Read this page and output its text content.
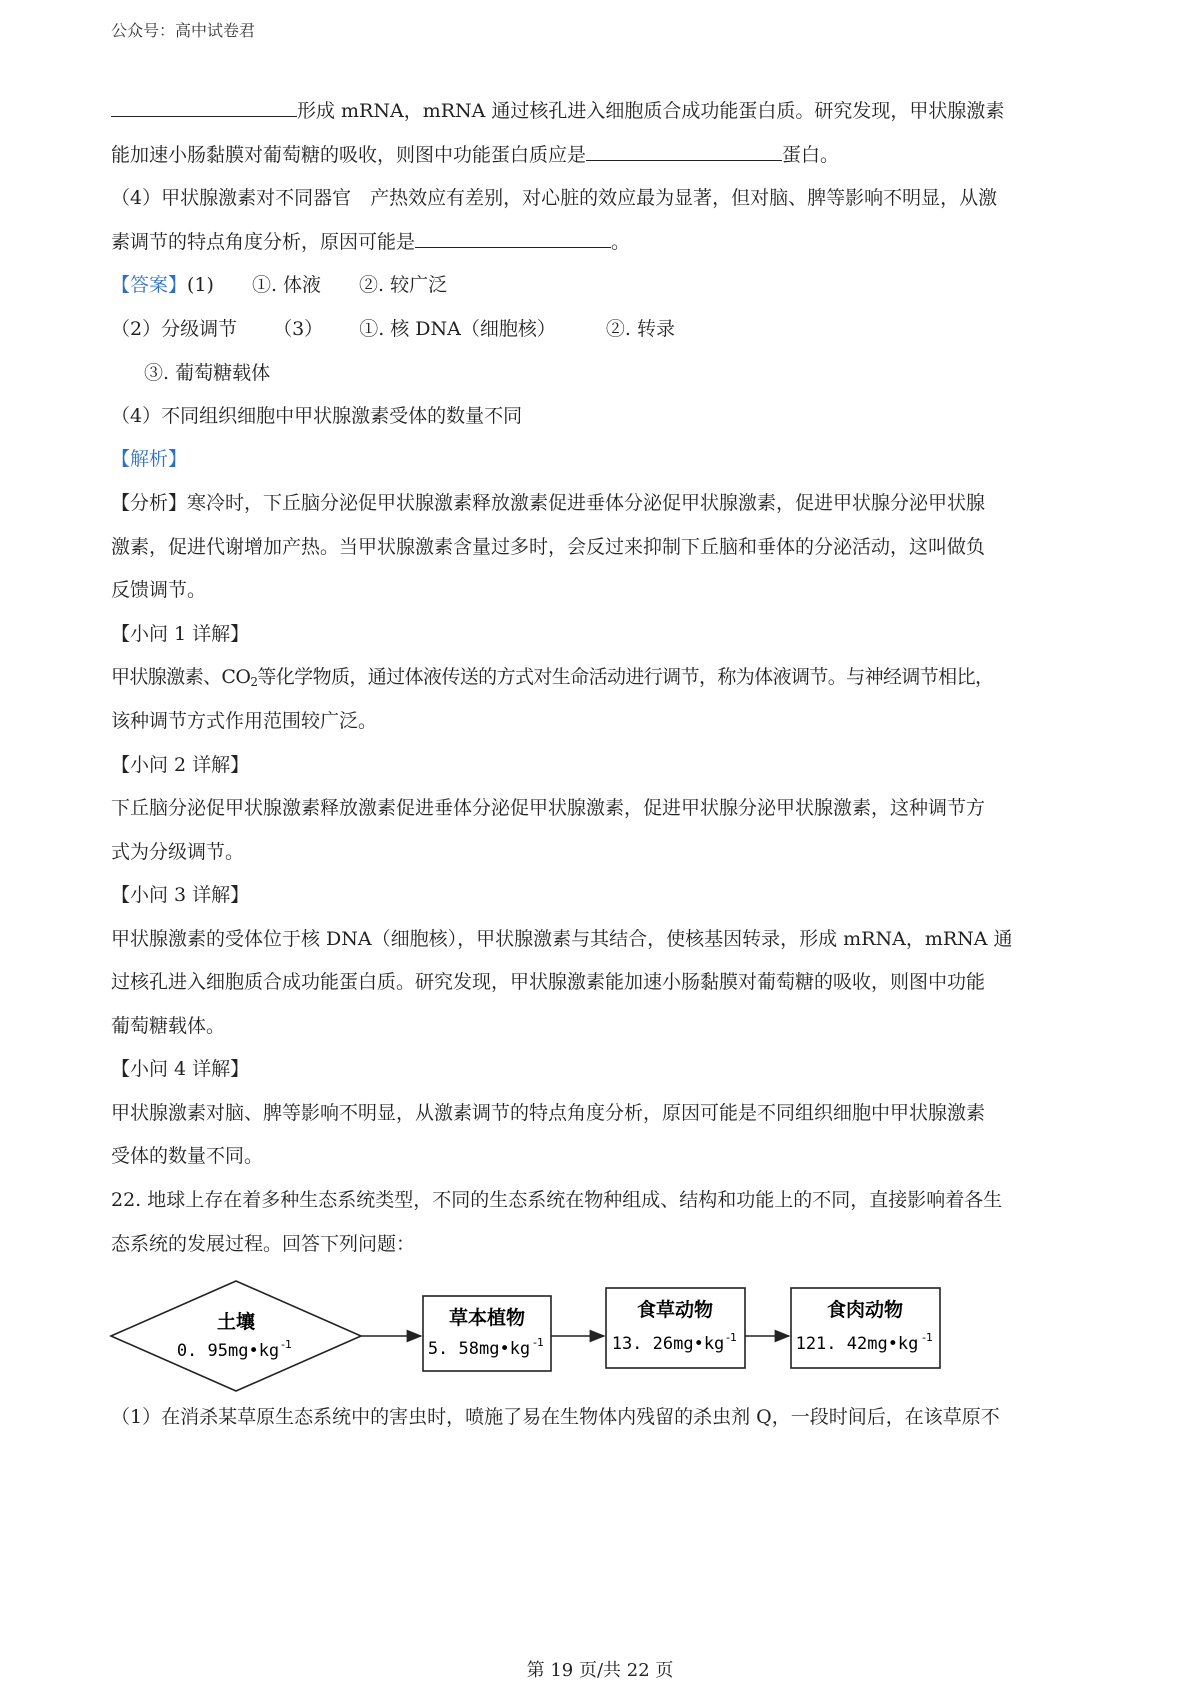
公众号：高中试卷君
形成 mRNA，mRNA 通过核孔进入细胞质合成功能蛋白质。研究发现，甲状腺激素
能加速小肠黏膜对葡萄糖的吸收，则图中功能蛋白质应是	蛋白。
（4）甲状腺激素对不同器官　产热效应有差别，对心脏的效应最为显著，但对脑、脾等影响不明显，从激
素调节的特点角度分析，原因可能是	。
【答案】(1) ①. 体液 ②. 较广泛
（2）分级调节 （3） ①. 核 DNA（细胞核）	②. 转录
③. 葡萄糖载体
（4）不同组织细胞中甲状腺激素受体的数量不同
【解析】
【分析】寒冷时，下丘脑分泌促甲状腺激素释放激素促进垂体分泌促甲状腺激素，促进甲状腺分泌甲状腺
激素，促进代谢增加产热。当甲状腺激素含量过多时，会反过来抑制下丘脑和垂体的分泌活动，这叫做负
反馈调节。
【小问 1 详解】
甲状腺激素、$CO_2$等化学物质，通过体液传送的方式对生命活动进行调节，称为体液调节。与神经调节相比，
该种调节方式作用范围较广泛。
【小问 2 详解】
下丘脑分泌促甲状腺激素释放激素促进垂体分泌促甲状腺激素，促进甲状腺分泌甲状腺激素，这种调节方
式为分级调节。
【小问 3 详解】
甲状腺激素的受体位于核 DNA（细胞核），甲状腺激素与其结合，使核基因转录，形成 mRNA，mRNA 通
过核孔进入细胞质合成功能蛋白质。研究发现，甲状腺激素能加速小肠黏膜对葡萄糖的吸收，则图中功能
葡萄糖载体。
【小问 4 详解】
甲状腺激素对脑、脾等影响不明显，从激素调节的特点角度分析，原因可能是不同组织细胞中甲状腺激素
受体的数量不同。
22. 地球上存在着多种生态系统类型，不同的生态系统在物种组成、结构和功能上的不同，直接影响着各生
态系统的发展过程。回答下列问题：
土壤
0. 95mg•kg -1
草本植物
5. 58mg•kg -1
食草动物
13. 26mg•kg -1
食肉动物
121. 42mg•kg -1
（1）在消杀某草原生态系统中的害虫时，喷施了易在生物体内残留的杀虫剂 Q，一段时间后，在该草原不
第 19 页/共 22 页
